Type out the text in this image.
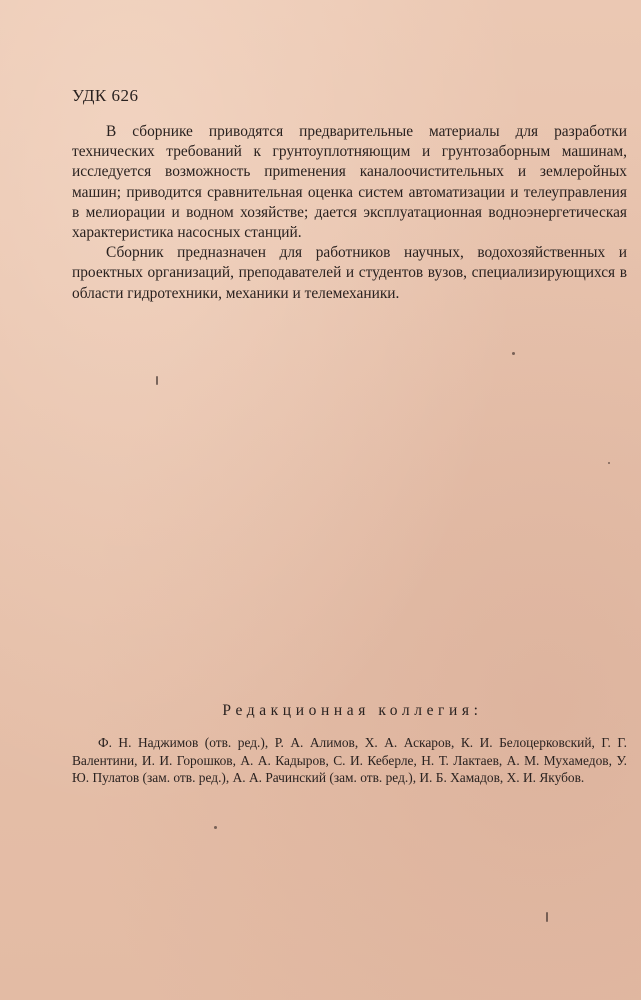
УДК 626

В сборнике приводятся предварительные материалы для разработки технических требований к грунтоуплотняющим и грунтозаборным машинам, исследуется возможность приmенения каналоочистительных и землеройных машин; приводится сравнительная оценка систем автоматизации и телеуправления в мелиорации и водном хозяйстве; дается эксплуатационная водноэнергетическая характеристика насосных станций.

Сборник предназначен для работников научных, водохозяйственных и проектных организаций, преподавателей и студентов вузов, специализирующихся в области гидротехники, механики и телемеханики.

Редакционная коллегия:

Ф. Н. Наджимов (отв. ред.), Р. А. Алимов, Х. А. Аскаров, К. И. Белоцерковский, Г. Г. Валентини, И. И. Горошков, А. А. Кадыров, С. И. Кеберле, Н. Т. Лактаев, А. М. Мухамедов, У. Ю. Пулатов (зам. отв. ред.), А. А. Рачинский (зам. отв. ред.), И. Б. Хамадов, Х. И. Якубов.
